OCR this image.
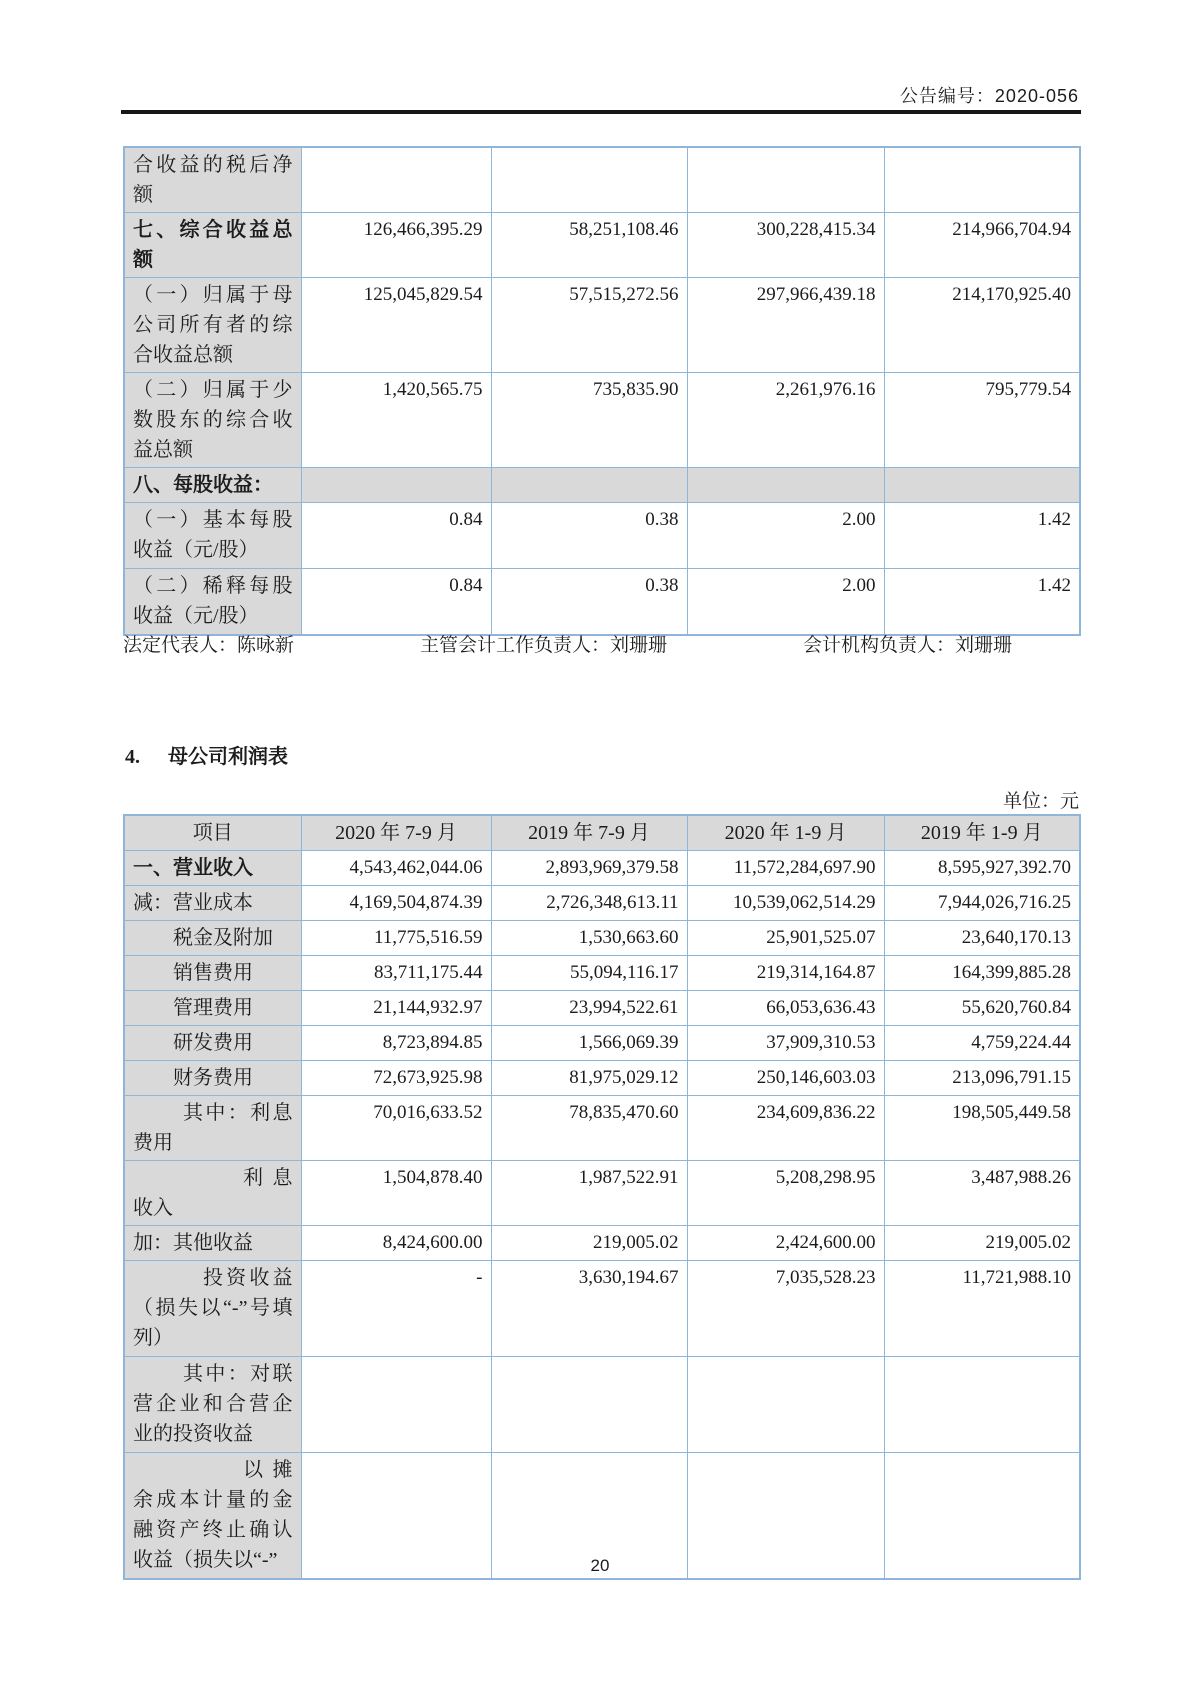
公告编号：2020-056
合收益的税后净额				
七、综合收益总额	126,466,395.29	58,251,108.46	300,228,415.34	214,966,704.94
（一）归属于母公司所有者的综合收益总额	125,045,829.54	57,515,272.56	297,966,439.18	214,170,925.40
（二）归属于少数股东的综合收益总额	1,420,565.75	735,835.90	2,261,976.16	795,779.54
八、每股收益：				
（一）基本每股收益（元/股）	0.84	0.38	2.00	1.42
（二）稀释每股收益（元/股）	0.84	0.38	2.00	1.42
法定代表人：陈咏新	主管会计工作负责人：刘珊珊	会计机构负责人：刘珊珊
4. 母公司利润表
单位：元
项目	2020 年 7-9 月	2019 年 7-9 月	2020 年 1-9 月	2019 年 1-9 月
一、营业收入	4,543,462,044.06	2,893,969,379.58	11,572,284,697.90	8,595,927,392.70
减：营业成本	4,169,504,874.39	2,726,348,613.11	10,539,062,514.29	7,944,026,716.25
税金及附加	11,775,516.59	1,530,663.60	25,901,525.07	23,640,170.13
销售费用	83,711,175.44	55,094,116.17	219,314,164.87	164,399,885.28
管理费用	21,144,932.97	23,994,522.61	66,053,636.43	55,620,760.84
研发费用	8,723,894.85	1,566,069.39	37,909,310.53	4,759,224.44
财务费用	72,673,925.98	81,975,029.12	250,146,603.03	213,096,791.15
其中：利息费用	70,016,633.52	78,835,470.60	234,609,836.22	198,505,449.58
利息收入	1,504,878.40	1,987,522.91	5,208,298.95	3,487,988.26
加：其他收益	8,424,600.00	219,005.02	2,424,600.00	219,005.02
投资收益（损失以“-”号填列）	-	3,630,194.67	7,035,528.23	11,721,988.10
其中：对联营企业和合营企业的投资收益				
以摊余成本计量的金融资产终止确认收益（损失以“-”					20
